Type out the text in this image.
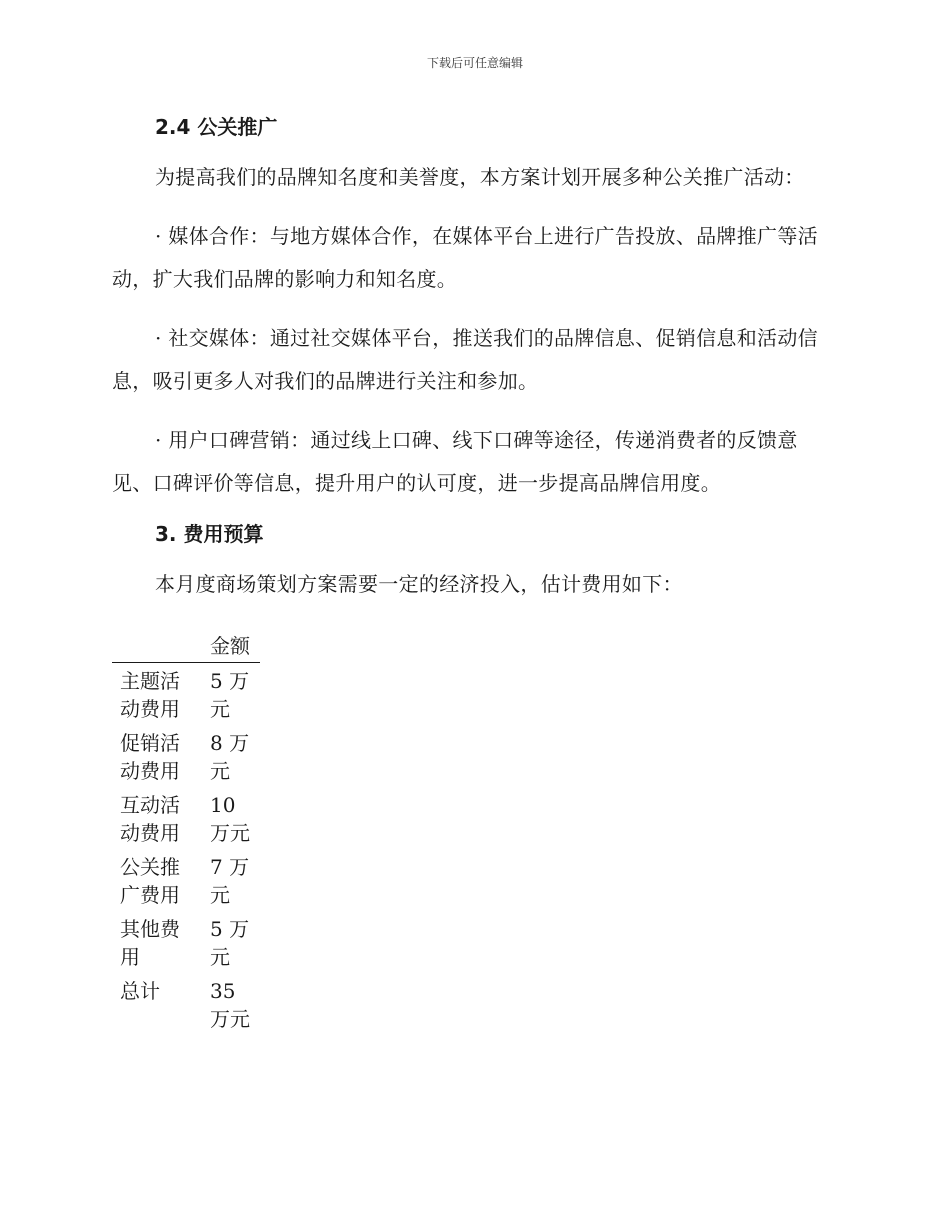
下载后可任意编辑

2.4 公关推广

为提高我们的品牌知名度和美誉度，本方案计划开展多种公关推广活动：

· 媒体合作：与地方媒体合作，在媒体平台上进行广告投放、品牌推广等活动，扩大我们品牌的影响力和知名度。

· 社交媒体：通过社交媒体平台，推送我们的品牌信息、促销信息和活动信息，吸引更多人对我们的品牌进行关注和参加。

· 用户口碑营销：通过线上口碑、线下口碑等途径，传递消费者的反馈意见、口碑评价等信息，提升用户的认可度，进一步提高品牌信用度。

3. 费用预算

本月度商场策划方案需要一定的经济投入，估计费用如下：

	金额
主题活动费用	5 万元
促销活动费用	8 万元
互动活动费用	10 万元
公关推广费用	7 万元
其他费用	5 万元
总计	35 万元
